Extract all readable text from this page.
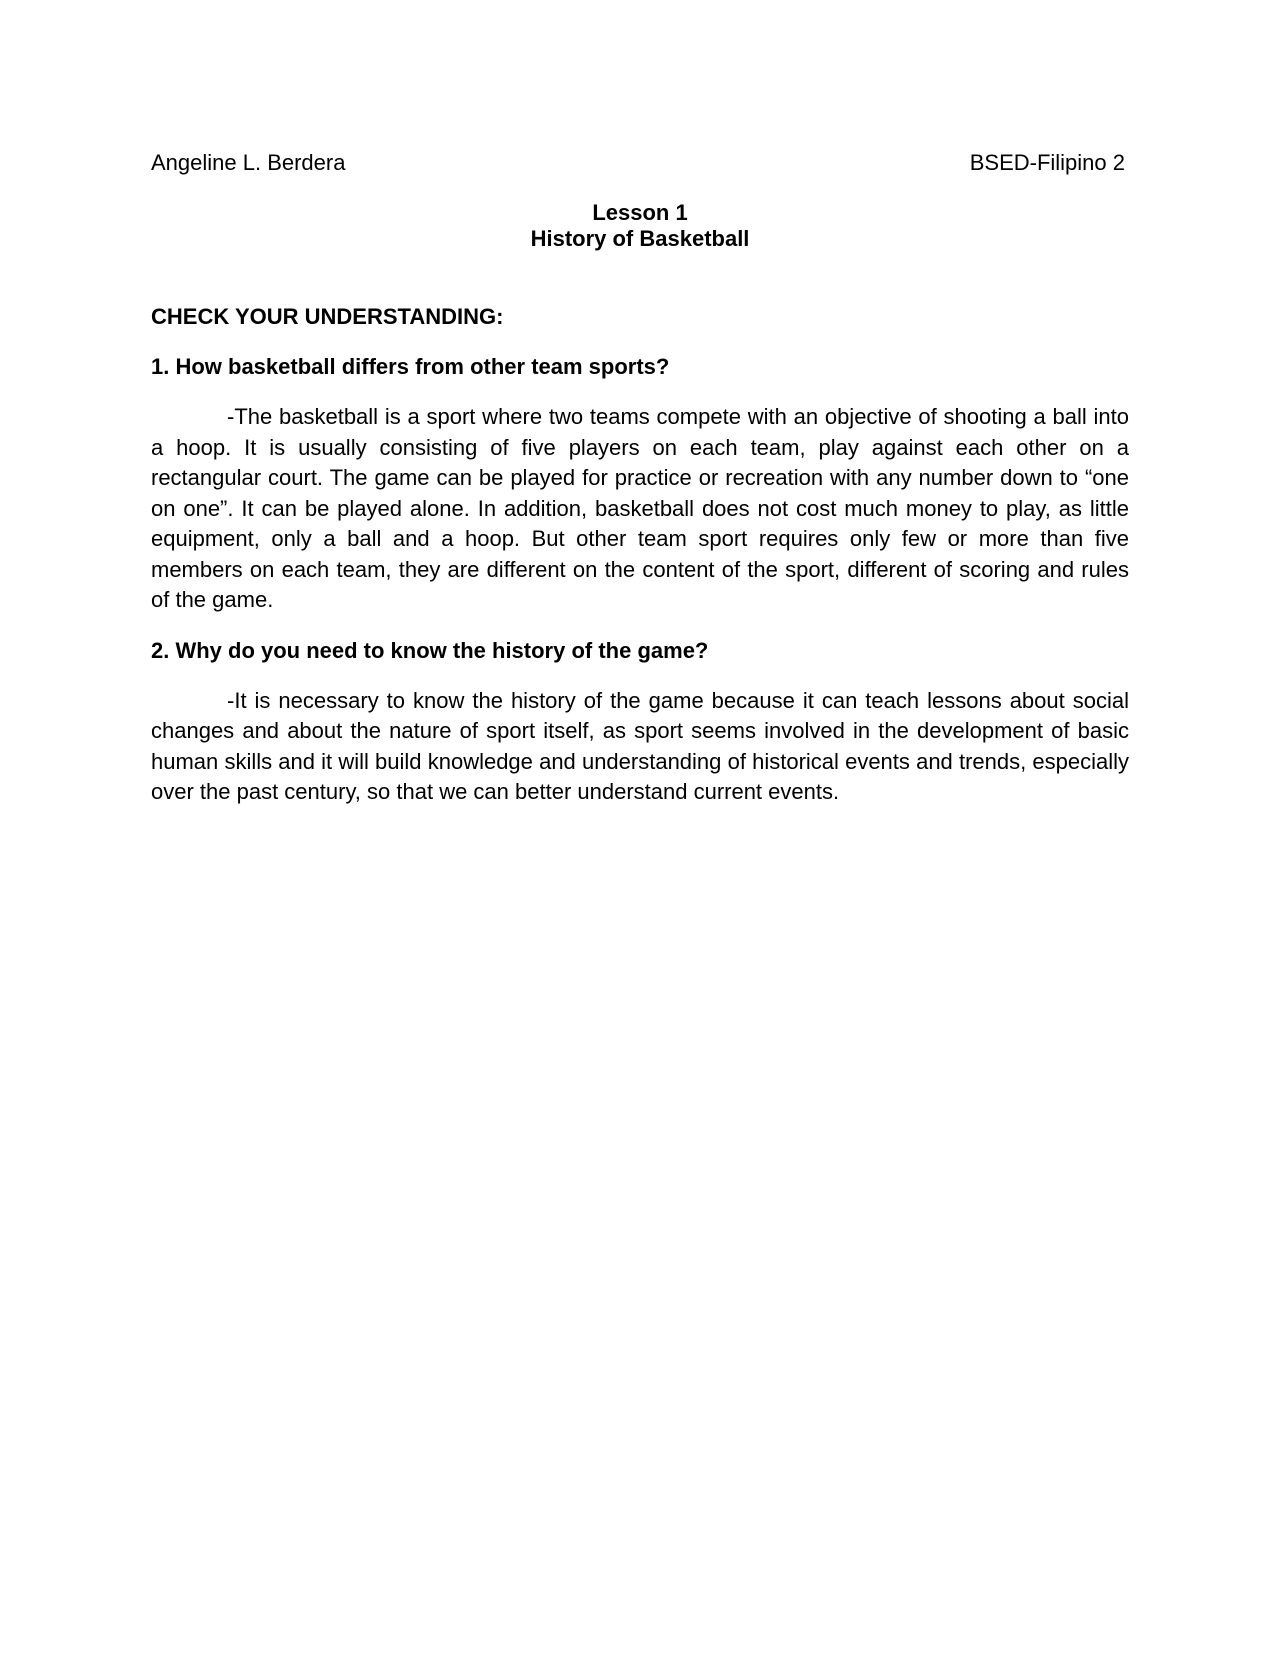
Angeline L. Berdera	BSED-Filipino 2
Lesson 1
History of Basketball
CHECK YOUR UNDERSTANDING:
1. How basketball differs from other team sports?
-The basketball is a sport where two teams compete with an objective of shooting a ball into a hoop. It is usually consisting of five players on each team, play against each other on a rectangular court. The game can be played for practice or recreation with any number down to “one on one”. It can be played alone. In addition, basketball does not cost much money to play, as little equipment, only a ball and a hoop. But other team sport requires only few or more than five members on each team, they are different on the content of the sport, different of scoring and rules of the game.
2. Why do you need to know the history of the game?
-It is necessary to know the history of the game because it can teach lessons about social changes and about the nature of sport itself, as sport seems involved in the development of basic human skills and it will build knowledge and understanding of historical events and trends, especially over the past century, so that we can better understand current events.
